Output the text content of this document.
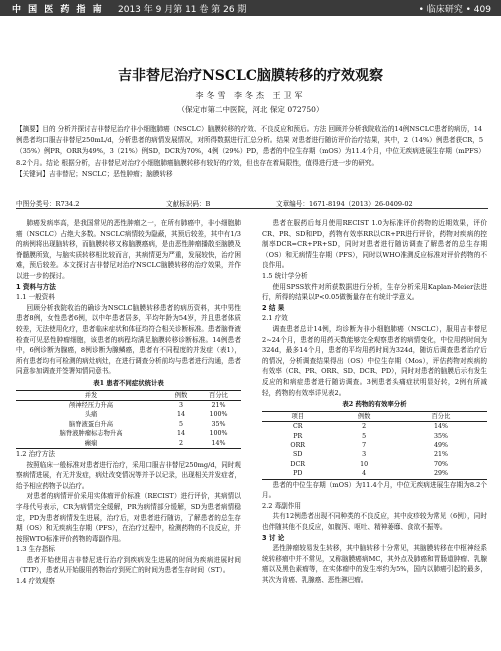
中 国 医 药 指 南 2013 年 9 月第 11 卷 第 26 期	• 临床研究 • 409
吉非替尼治疗NSCLC脑膜转移的疗效观察
李冬雪 李冬杰 王卫军
（保定市第二中医院，河北 保定 072750）
【摘要】目的 分析并探讨吉非替尼治疗非小细胞肺癌（NSCLC）脑膜转移的疗效、不良反应和预后。方法 回顾并分析我院收治的14例NSCLC患者的病历，14例患者均口服吉非替尼250mL/d，分析患者的病情发展情况，对所得数据进行汇总分析。结果 对患者进行随访评价治疗结果，其中，2（14%）例患者获CR，5（35%）例PR，ORR为49%，3（21%）例SD，DCR为70%，4例（29%）PD，患者的中位生存期（mOS）为11.4个月，中位无疾病进展生存期（mPFS）8.2个月。结论 根据分析，吉非替尼对治疗小细胞肺癌脑膜转移有较好的疗效，但也存在着局限性，值得进行进一步的研究。
【关键词】吉非替尼；NSCLC；恶性肿瘤；脑膜转移
中图分类号：R734.2	文献标识码：B	文章编号：1671-8194（2013）26-0409-02

肺癌发病率高，是我国常见的恶性肿瘤之一，在所有肺癌中，非小细胞肺癌（NSCLC）占绝大多数。NSCLC病情较为隐蔽，其预后较差，其中有1/3的病例将出现脑转移，而脑膜转移又称脑膜癌病，是由恶性肿瘤播散至脑膜及脊髓膜所致，与脑实质转移相比较而言，其病情更为严重，发展较快，治疗困难，预后较差。本文探讨吉非替尼对治疗NSCLC脑膜转移的治疗效果，并作以进一步的探讨。

1 资料与方法

1.1 一般资料

回顾分析我院收治的确诊为NSCLC脑膜转移患者的病历资料，其中男性患者8例，女性患者6例，以中年患者居多，平均年龄为54岁，并且患者体质较差，无法使用化疗，患者临床症状和体征均符合相关诊断标准。患者脑脊液检查可见恶性肿瘤细胞，该患者的病程均满足脑膜转移诊断标准。14例患者中，6例诊断为腺癌，8例诊断为腺鳞癌，患者有不同程度的并发症（表1），所有患者均有可检测的病灶病灶，在进行调查分析前均与患者进行沟通，患者同意参加调查并签署知情同意书。

表1 患者不同症状统计表
并发	例数	百分比
颅神经压力升高	3	21%
头痛	14	100%
脑脊液蛋白升高	5	35%
脑脊液肿瘤标志物升高	14	100%
癫痫	2	14%

1.2 治疗方法

按照临床一般标准对患者进行治疗，采用口服吉非替尼250mg/d，同时观察病情进展，有无并发症，病灶改变情况等并予以记录，出现相关并发症者，给予相应药物予以治疗。

对患者的病情评价采用实体瘤评价标准（RECIST）进行评价，其病情以字母代号表示，CR为病情完全缓解，PR为病情部分缓解，SD为患者病情稳定，PD为患者病情发生进展，治疗后，对患者进行随访，了解患者的总生存期（OS）和无疾病生存期（PFS），在治疗过程中，检测药物的不良反应，并按照WTO标准评价药物的毒副作用。

1.3 生存指标

患者开始使用吉非替尼进行治疗到疾病发生进展的时间为疾病进展时间（TTP），患者从开始服用药物治疗到死亡的时间为患者生存时间（ST）。

1.4 疗效观察

患者在服药后每月使用RECIST 1.0为标准评价药物的近期效果，评价CR、PR、SD和PD，药物有效率RR以CR+PR进行评价，药物对疾病的控制率DCR=CR+PR+SD，同时对患者进行随访调查了解患者的总生存期（OS）和无病情生存期（PFS），同时以WHO准测反应标准对评价药物的不良作用。

1.5 统计学分析

使用SPSS软件对所获数据进行分析，生存分析采用Kaplan-Meier法进行，所得的结果以P<0.05做衡量存在有统计学意义。

2 结 果

2.1 疗效

调查患者总计14例，均诊断为非小细胞肺癌（NSCLC），服用吉非替尼2~24个月，患者的用药天数能够完全观察患者的病情变化，中位用药时间为324d，最多14个月，患者的平均用药时间为324d，随访后调查患者治疗后的情况，分析调查结果得出（OS）中位生存期（Mos），评估药物对疾病的有效率（CR、PR、ORR、SD、DCR、PD），同时对患者的脑膜后示有发生反应的和病症患者进行随访调查。3例患者头痛症状明显好转，2例有所减轻，药物的有效率详见表2。

表2 药物的有效率分析
项目	例数	百分比
CR	2	14%
PR	5	35%
ORR	7	49%
SD	3	21%
DCR	10	70%
PD	4	29%

患者的中位生存期（mOS）为11.4个月，中位无疾病进展生存期为8.2个月。

2.2 毒副作用

共有12例患者出现不同种类的不良反应，其中皮疹较为常见（6例），同时也伴随其他不良反应，如腹泻、呕吐、精神萎靡、食欲不振等。

3 讨 论

恶性肿瘤较易发生转移，其中脑转移十分常见，其脑膜转移在中枢神经系统转移瘤中并不常见，又称脑膜癌病MC，其外点及肺癌和胃肠道肿瘤、乳腺癌以及黑色素瘤等，在实体瘤中的发生率约为5%，国内以肺癌引起的最多，其次为肯癌、乳腺癌、恶性淋巴瘤。
